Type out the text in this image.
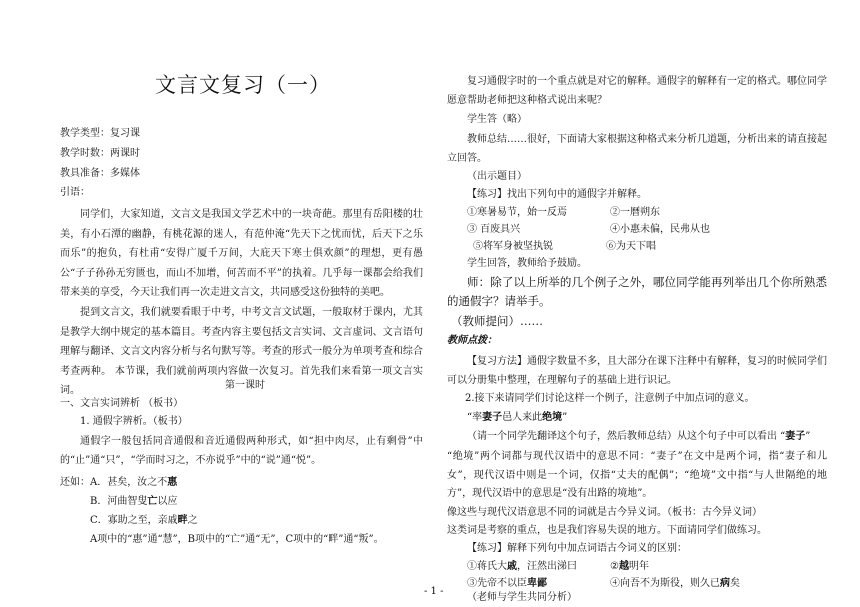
文言文复习（一）
教学类型：复习课
教学时数：两课时
教具准备：多媒体
引语：
同学们，大家知道，文言文是我国文学艺术中的一块奇葩。那里有岳阳楼的壮美，有小石潭的幽静，有桃花源的迷人，有范仲淹“先天下之忧而忧，后天下之乐而乐”的抱负，有杜甫“安得广厦千万间，大庇天下寒士俱欢颜”的理想，更有愚公“子子孙孙无穷匮也，而山不加增，何苦而不平”的执着。几乎每一课都会给我们带来美的享受，今天让我们再一次走进文言文，共同感受这份独特的美吧。
提到文言文，我们就要看眼于中考，中考文言文试题，一般取材于课内，尤其是教学大纲中规定的基本篇目。考查内容主要包括文言实词、文言虚词、文言语句理解与翻译、文言文内容分析与名句默写等。考查的形式一般分为单项考查和综合考查两种。 本节课，我们就前两项内容做一次复习。首先我们来看第一项文言实词。	第一课时
一、文言实词辨析 （板书）
1. 通假字辨析。（板书）
通假字一般包括同音通假和音近通假两种形式，如“担中肉尽，止有剩骨”中的“止”通“只”，“学而时习之，不亦说乎”中的“说”通“悦”。
还如： A．甚矣，汝之不惠
B．河曲智叟亡以应
C．寡助之至，亲戚畔之
A项中的“惠”通“慧”，B项中的“亡”通“无”，C项中的“畔”通“叛”。
复习通假字时的一个重点就是对它的解释。通假字的解释有一定的格式。哪位同学愿意帮助老师把这种格式说出来呢？
学生答（略）
教师总结……很好，下面请大家根据这种格式来分析几道题，分析出来的请直接起立回答。
（出示题目）
【练习】找出下列句中的通假字并解释。
①寒暑易节，始一反焉	②一曆朔东
③ 百废具兴	④小惠未偏，民弗从也
⑤将军身被坚执锐	⑥为天下唱
学生回答，教师给予鼓励。
师：除了以上所举的几个例子之外，哪位同学能再列举出几个你所熟悉的通假字？请举手。
（教师提问）……
教师点拨：
【复习方法】通假字数量不多，且大部分在课下注释中有解释，复习的时候同学们可以分册集中整理，在理解句子的基础上进行识记。
2.接下来请同学们讨论这样一个例子，注意例子中加点词的意义。
“率妻子邑人来此绝境”
（请一个同学先翻译这个句子，然后教师总结）从这个句子中可以看出 “妻子”
“绝境”两个词都与现代汉语中的意思不同：“妻子”在文中是两个词，指“妻子和儿女”，现代汉语中则是一个词，仅指“丈夫的配偶”；“绝境”文中指“与人世隔绝的地方”，现代汉语中的意思是“没有出路的境地”。
像这些与现代汉语意思不同的词就是古今异义词。（板书：古今异义词）
这类词是考察的重点，也是我们容易失误的地方。下面请同学们做练习。
【练习】解释下列句中加点词语古今词义的区别：
①蒋氏大戚，汪然出涕曰	②越明年
③先帝不以臣卑鄙	④向吾不为斯役，则久已病矣
（老师与学生共同分析）
- 1 -
